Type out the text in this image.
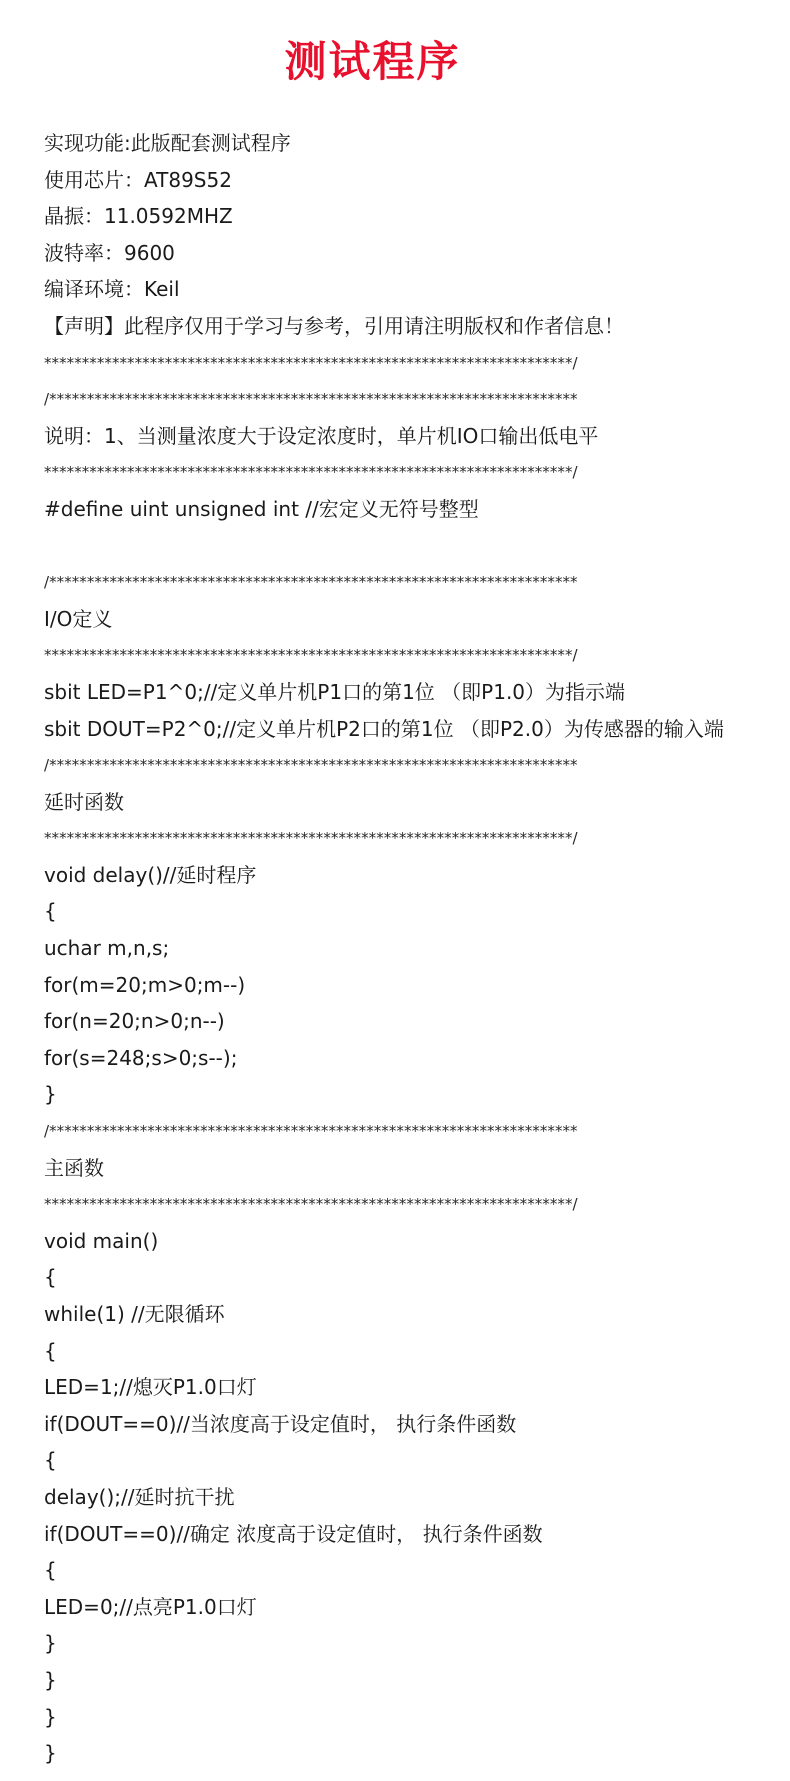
测试程序
实现功能:此版配套测试程序
使用芯片：AT89S52
晶振：11.0592MHZ
波特率：9600
编译环境：Keil
【声明】此程序仅用于学习与参考，引用请注明版权和作者信息！
**********************************************************************/
/**********************************************************************
说明：1、当测量浓度大于设定浓度时，单片机IO口输出低电平
**********************************************************************/
#define uint unsigned int //宏定义无符号整型
/**********************************************************************
I/O定义
**********************************************************************/
sbit LED=P1^0;//定义单片机P1口的第1位 （即P1.0）为指示端
sbit DOUT=P2^0;//定义单片机P2口的第1位 （即P2.0）为传感器的输入端
/**********************************************************************
延时函数
**********************************************************************/
void delay()//延时程序
{
uchar m,n,s;
for(m=20;m>0;m--)
for(n=20;n>0;n--)
for(s=248;s>0;s--);
}
/**********************************************************************
主函数
**********************************************************************/
void main()
{
while(1) //无限循环
{
LED=1;//熄灭P1.0口灯
if(DOUT==0)//当浓度高于设定值时， 执行条件函数
{
delay();//延时抗干扰
if(DOUT==0)//确定 浓度高于设定值时， 执行条件函数
{
LED=0;//点亮P1.0口灯
}
}
}
}
